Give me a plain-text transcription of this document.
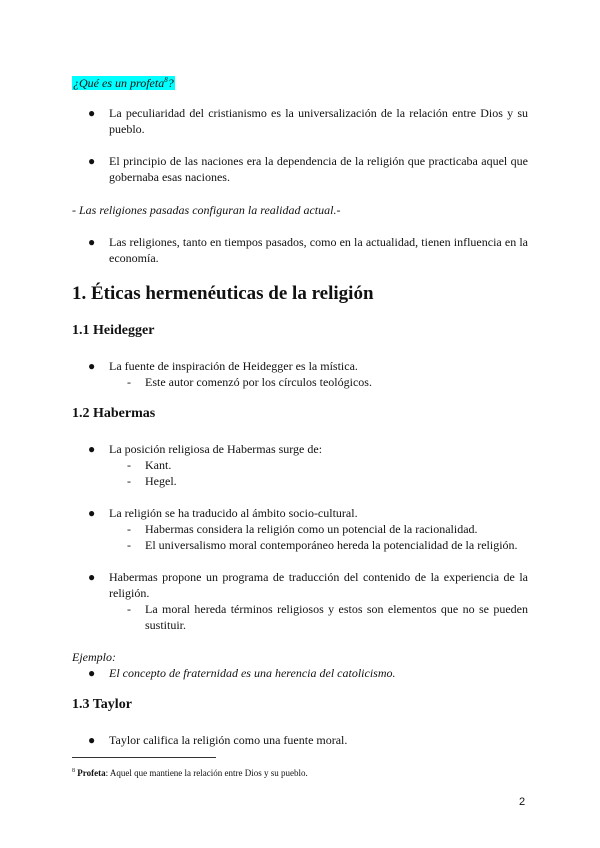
¿Qué es un profeta$^8$?
●	La peculiaridad del cristianismo es la universalización de la relación entre Dios y su pueblo.
●	El principio de las naciones era la dependencia de la religión que practicaba aquel que gobernaba esas naciones.
- Las religiones pasadas configuran la realidad actual.-
●	Las religiones, tanto en tiempos pasados, como en la actualidad, tienen influencia en la economía.
1. Éticas hermenéuticas de la religión
1.1 Heidegger
●	La fuente de inspiración de Heidegger es la mística.
- Este autor comenzó por los círculos teológicos.
1.2 Habermas
●	La posición religiosa de Habermas surge de:
- Kant.
- Hegel.
●	La religión se ha traducido al ámbito socio-cultural.
- Habermas considera la religión como un potencial de la racionalidad.
- El universalismo moral contemporáneo hereda la potencialidad de la religión.
●	Habermas propone un programa de traducción del contenido de la experiencia de la religión.
- La moral hereda términos religiosos y estos son elementos que no se pueden sustituir.
Ejemplo:
●	El concepto de fraternidad es una herencia del catolicismo.
1.3 Taylor
●	Taylor califica la religión como una fuente moral.
$^8$ Profeta: Aquel que mantiene la relación entre Dios y su pueblo.
2
